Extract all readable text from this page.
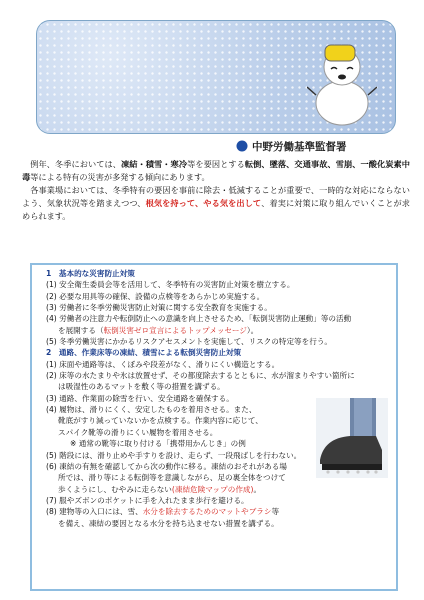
中野労働基準監督署

例年、冬季においては、凍結・積雪・寒冷等を要因とする転倒、墜落、交通事故、雪崩、一酸化炭素中毒等による特有の災害が多発する傾向にあります。

各事業場においては、冬季特有の要因を事前に除去・低減することが重要で、一時的な対応にならないよう、気象状況等を踏まえつつ、根気を持って、やる気を出して、着実に対策に取り組んでいくことが求められます。

1　基本的な災害防止対策

(1) 安全衛生委員会等を活用して、冬季特有の災害防止対策を樹立する。

(2) 必要な用具等の確保、設備の点検等をあらかじめ実施する。

(3) 労働者に冬季労働災害防止対策に関する安全教育を実施する。

(4) 労働者の注意力や転倒防止への意識を向上させるため、「転倒災害防止運動」等の活動

を展開する（転倒災害ゼロ宣言によるトップメッセージ）。

(5) 冬季労働災害にかかるリスクアセスメントを実施して、リスクの特定等を行う。

2　通路、作業床等の凍結、積雪による転倒災害防止対策

(1) 床面や通路等は、くぼみや段差がなく、滑りにくい構造とする。

(2) 床等の水たまりや氷は放置せず、その都度除去するとともに、水が溜まりやすい箇所に

は吸湿性のあるマットを敷く等の措置を講ずる。

(3) 通路、作業面の除雪を行い、安全通路を確保する。

(4) 履物は、滑りにくく、安定したものを着用させる。また、

靴底がすり減っていないかを点検する。作業内容に応じて、

スパイク靴等の滑りにくい履物を着用させる。

※ 通常の靴等に取り付ける「携帯用かんじき」の例

(5) 階段には、滑り止めや手すりを設け、走らず、一段飛ばしを行わない。

(6) 凍結の有無を確認してから次の動作に移る。凍結のおそれがある場

所では、滑り等による転倒等を意識しながら、足の裏全体をつけて

歩くようにし、むやみに走らない(凍結危険マップの作成)。

(7) 服やズボンのポケットに手を入れたまま歩行を避ける。

(8) 建物等の入口には、雪、水分を除去するためのマットやブラシ等

を備え、凍結の要因となる水分を持ち込ませない措置を講ずる。
